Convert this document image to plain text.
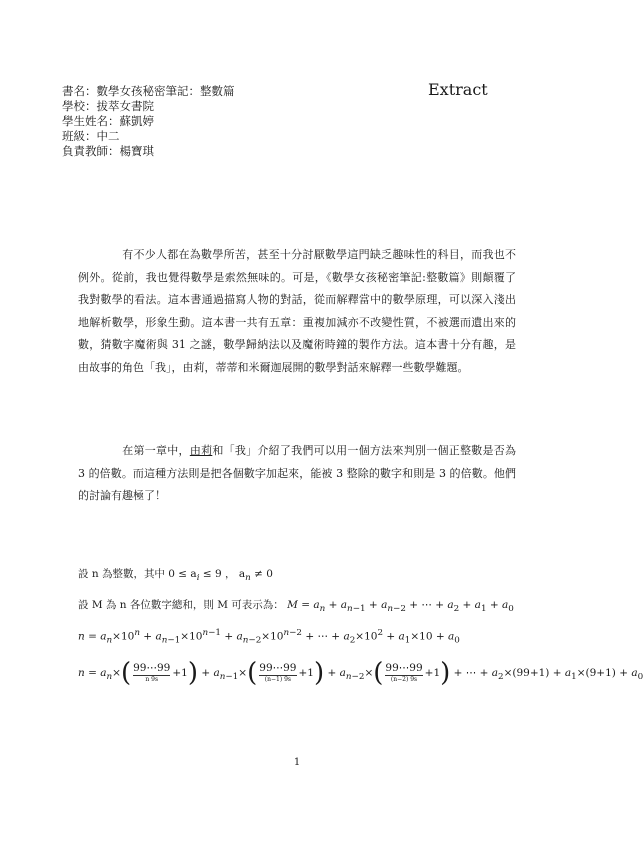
書名：數學女孩秘密筆記：整數篇
學校：拔萃女書院
學生姓名：蘇凱婷
班級：中二
負責教師：楊寶琪
Extract
有不少人都在為數學所苦，甚至十分討厭數學這門缺乏趣味性的科目，而我也不例外。從前，我也覺得數學是索然無味的。可是，《數學女孩秘密筆記:整數篇》則顛覆了我對數學的看法。這本書通過描寫人物的對話，從而解釋當中的數學原理，可以深入淺出地解析數學，形象生動。這本書一共有五章：重複加減亦不改變性質，不被選而遺出來的數，猜數字魔術與 31 之謎，數學歸納法以及魔術時鐘的製作方法。這本書十分有趣，是由故事的角色「我」，由莉，蒂蒂和米爾迦展開的數學對話來解釋一些數學難題。
在第一章中，由莉和「我」介紹了我們可以用一個方法來判別一個正整數是否為 3 的倍數。而這種方法則是把各個數字加起來，能被 3 整除的數字和則是 3 的倍數。他們的討論有趣極了！
設 n 為整數，其中 $0 \le a_i \le 9$ ， $a_n \ne 0$
設 M 為 n 各位數字總和，則 M 可表示為： $M = a_n + a_{n-1} + a_{n-2}$ + ⋯ + $a_2 + a_1 + a_0$
$n = a_n\times 10^n + a_{n-1}\times 10^{n-1} + a_{n-2}\times 10^{n-2}$ + ⋯ + $a_2\times 10^2 + a_1\times 10 + a_0$
$n = a_n\times$( 99⋯99
n 9s
$+1) + a_{n-1}\times$( 99⋯99
(n−1) 9s
$+1) + a_{n-2}\times$( 99⋯99
(n−2) 9s
+1) + ⋯ + $a_2\times(99+1) + a_1\times(9+1) + a_0$
1
